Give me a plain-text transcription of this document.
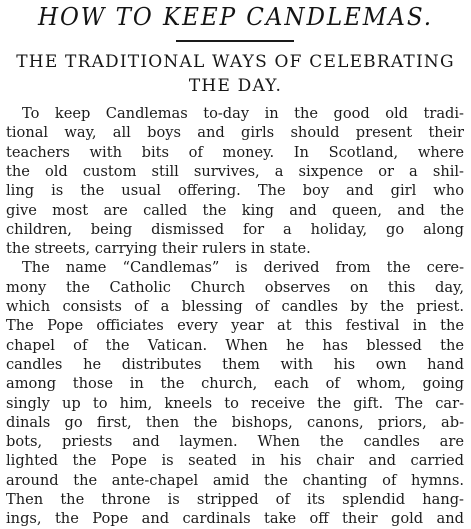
HOW TO KEEP CANDLEMAS.
THE TRADITIONAL WAYS OF CELEBRATING
THE DAY.
To keep Candlemas to-day in the good old tradi-
tional way, all boys and girls should present their
teachers with bits of money. In Scotland, where
the old custom still survives, a sixpence or a shil-
ling is the usual offering. The boy and girl who
give most are called the king and queen, and the
children, being dismissed for a holiday, go along
the streets, carrying their rulers in state.
The name “Candlemas” is derived from the cere-
mony the Catholic Church observes on this day,
which consists of a blessing of candles by the priest.
The Pope officiates every year at this festival in the
chapel of the Vatican. When he has blessed the
candles he distributes them with his own hand
among those in the church, each of whom, going
singly up to him, kneels to receive the gift. The car-
dinals go first, then the bishops, canons, priors, ab-
bots, priests and laymen. When the candles are
lighted the Pope is seated in his chair and carried
around the ante-chapel amid the chanting of hymns.
Then the throne is stripped of its splendid hang-
ings, the Pope and cardinals take off their gold and
